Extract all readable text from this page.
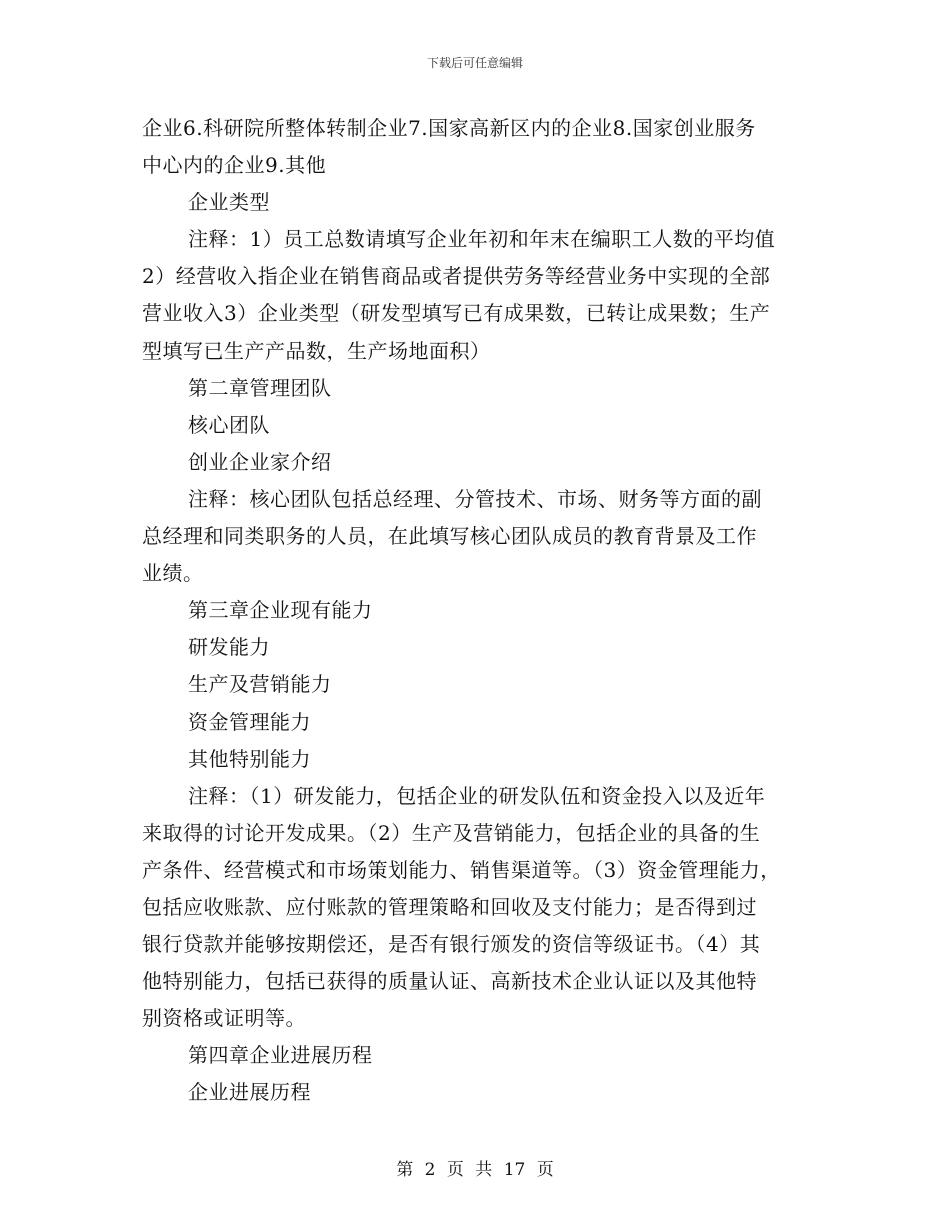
下载后可任意编辑
企业6.科研院所整体转制企业7.国家高新区内的企业8.国家创业服务
中心内的企业9.其他
企业类型
注释：1）员工总数请填写企业年初和年末在编职工人数的平均值
2）经营收入指企业在销售商品或者提供劳务等经营业务中实现的全部
营业收入3）企业类型（研发型填写已有成果数，已转让成果数；生产
型填写已生产产品数，生产场地面积）
第二章管理团队
核心团队
创业企业家介绍
注释：核心团队包括总经理、分管技术、市场、财务等方面的副
总经理和同类职务的人员，在此填写核心团队成员的教育背景及工作
业绩。
第三章企业现有能力
研发能力
生产及营销能力
资金管理能力
其他特别能力
注释：（1）研发能力，包括企业的研发队伍和资金投入以及近年
来取得的讨论开发成果。（2）生产及营销能力，包括企业的具备的生
产条件、经营模式和市场策划能力、销售渠道等。（3）资金管理能力，
包括应收账款、应付账款的管理策略和回收及支付能力；是否得到过
银行贷款并能够按期偿还，是否有银行颁发的资信等级证书。（4）其
他特别能力，包括已获得的质量认证、高新技术企业认证以及其他特
别资格或证明等。
第四章企业进展历程
企业进展历程
第 2 页 共 17 页
